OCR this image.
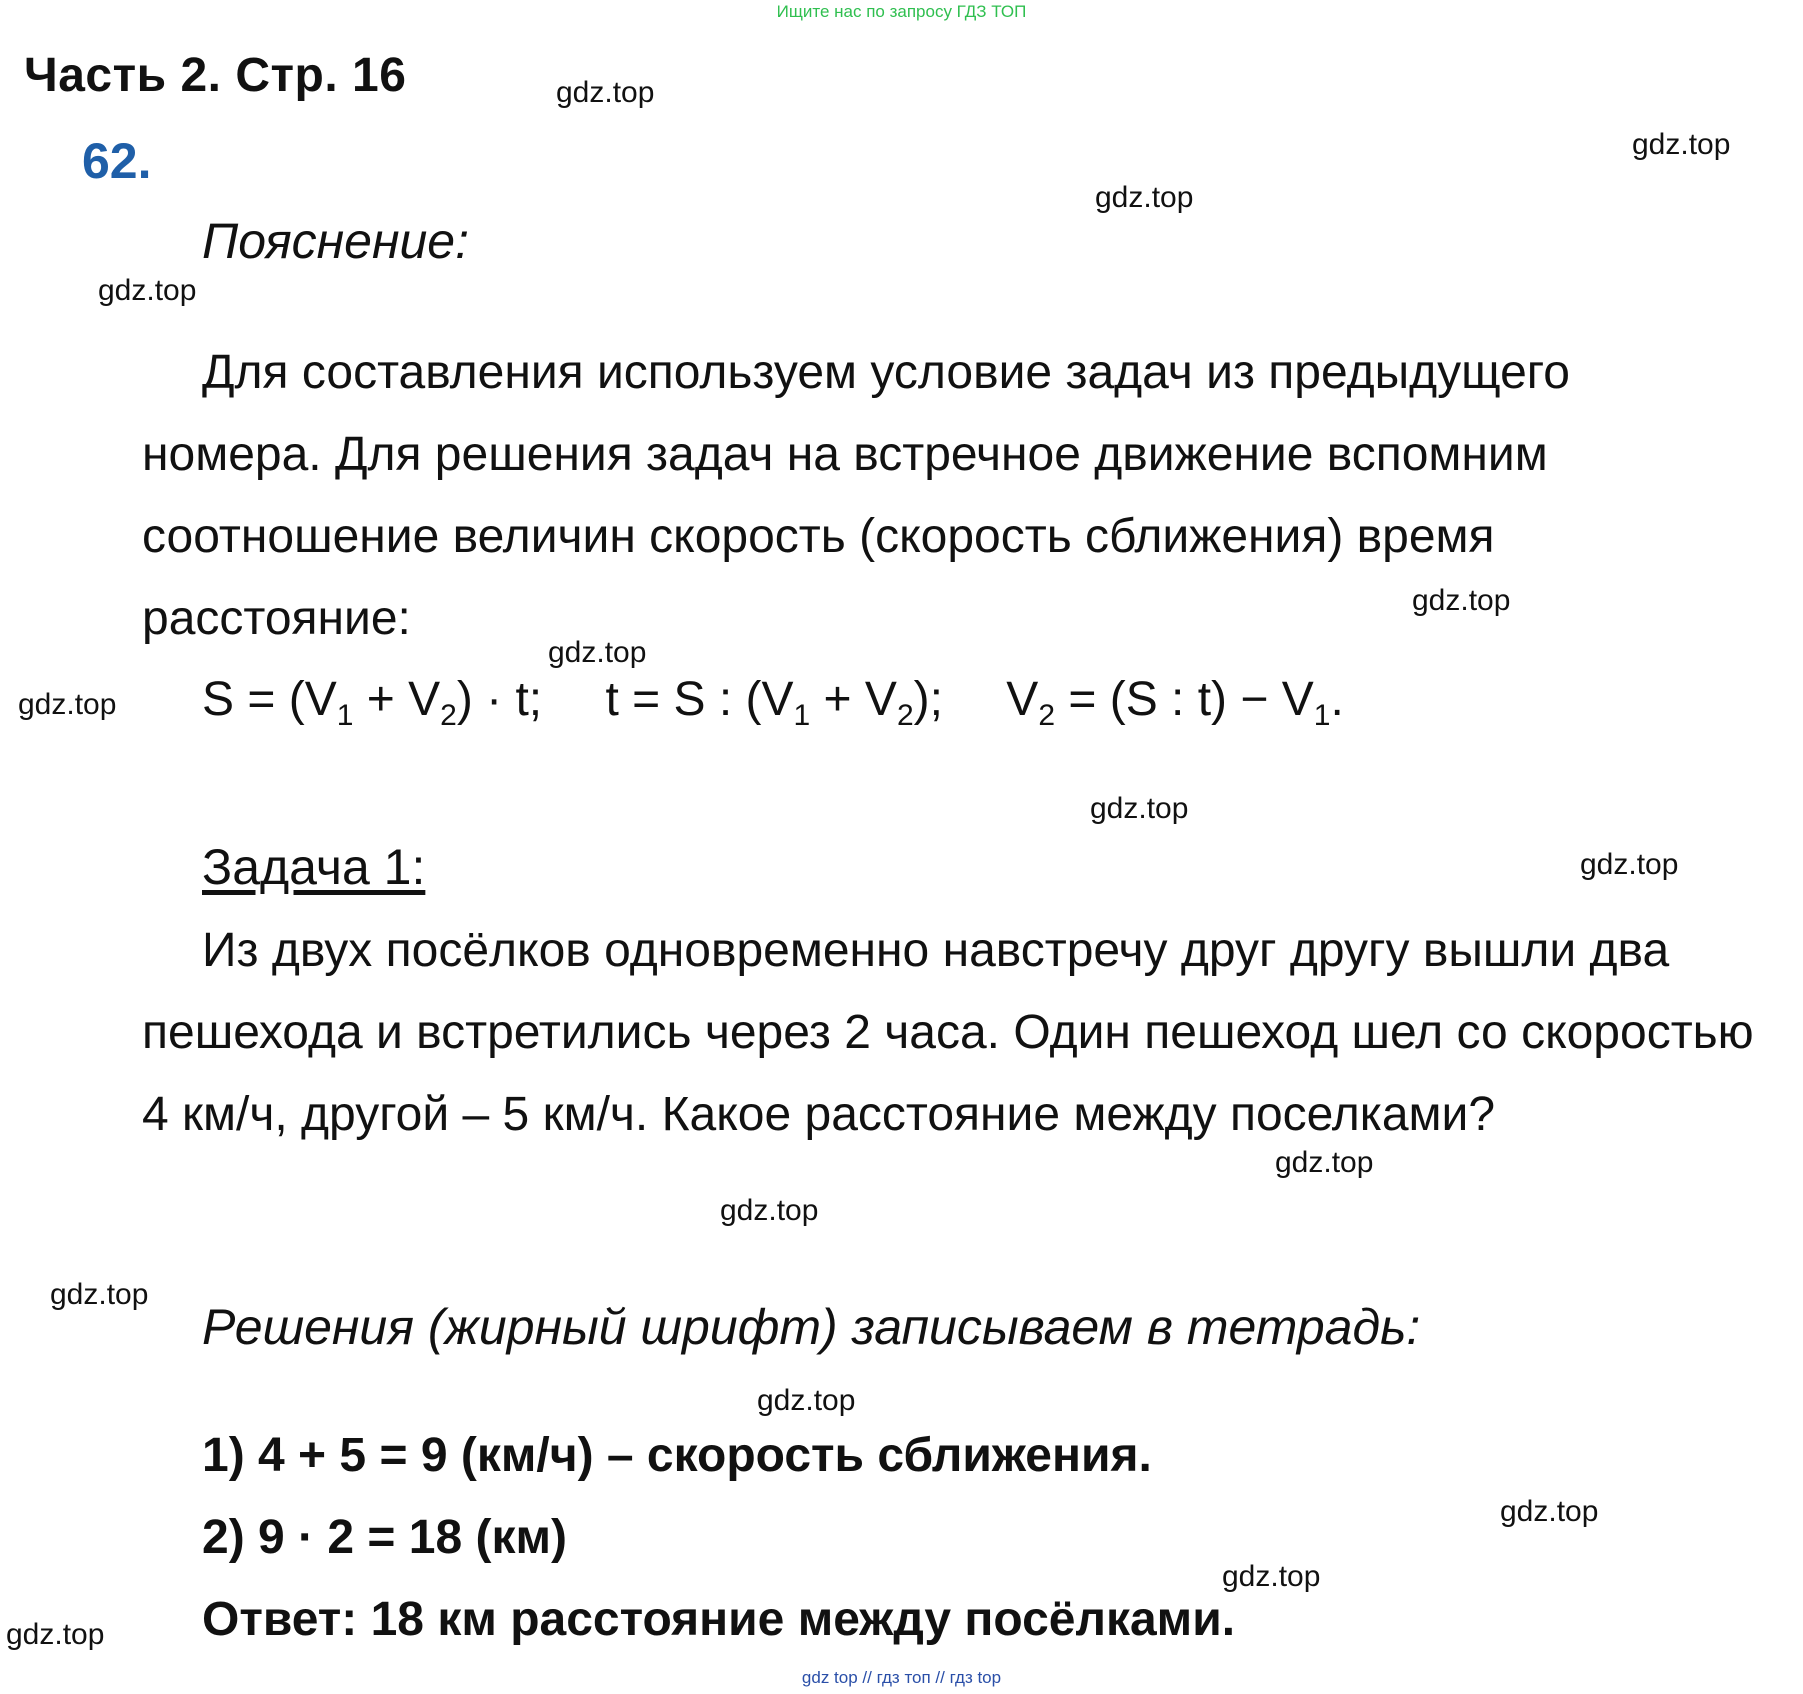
Ищите нас по запросу ГДЗ ТОП
Часть 2. Стр. 16
62.
Пояснение:
Для составления используем условие задач из предыдущего номера. Для решения задач на встречное движение вспомним соотношение величин скорость (скорость сближения) время расстояние:
$S = (V_1 + V_2) \cdot t$; t = S : $(V_1 + V_2)$; $V_2 = (S$ : $t) - V_1$.
Задача 1:
Из двух посёлков одновременно навстречу друг другу вышли два пешехода и встретились через 2 часа. Один пешеход шел со скоростью 4 км/ч, другой – 5 км/ч. Какое расстояние между поселками?
Решения (жирный шрифт) записываем в тетрадь:
1) 4 + 5 = 9 (км/ч) – скорость сближения.
2) 9 · 2 = 18 (км)
Ответ: 18 км расстояние между посёлками.
gdz.top
gdz.top
gdz.top
gdz.top
gdz.top
gdz.top
gdz.top
gdz.top
gdz.top
gdz.top
gdz.top
gdz.top
gdz.top
gdz.top
gdz.top
gdz.top
gdz top // гдз топ // гдз top
